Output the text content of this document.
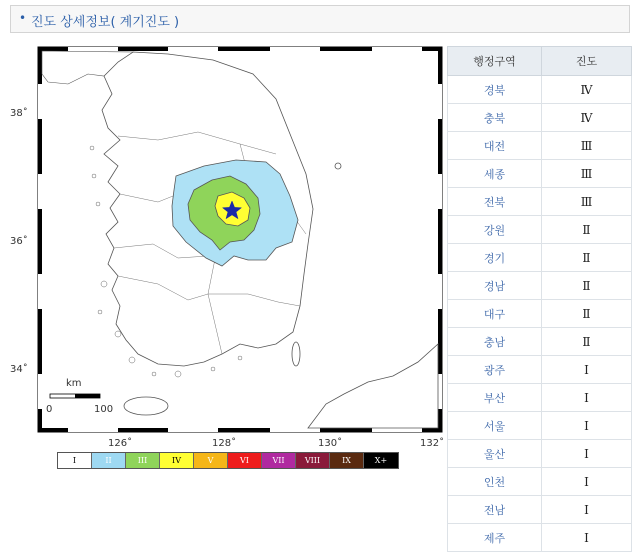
• 진도 상세정보( 계기진도 )
km
0	100
38˚
36˚
34˚
126˚	128˚	130˚	132˚
I	II	III	IV	V	VI	VII	VIII	IX	X+
행정구역	진도
경북	Ⅳ
충북	Ⅳ
대전	Ⅲ
세종	Ⅲ
전북	Ⅲ
강원	Ⅱ
경기	Ⅱ
경남	Ⅱ
대구	Ⅱ
충남	Ⅱ
광주	Ⅰ
부산	Ⅰ
서울	Ⅰ
울산	Ⅰ
인천	Ⅰ
전남	Ⅰ
제주	Ⅰ
